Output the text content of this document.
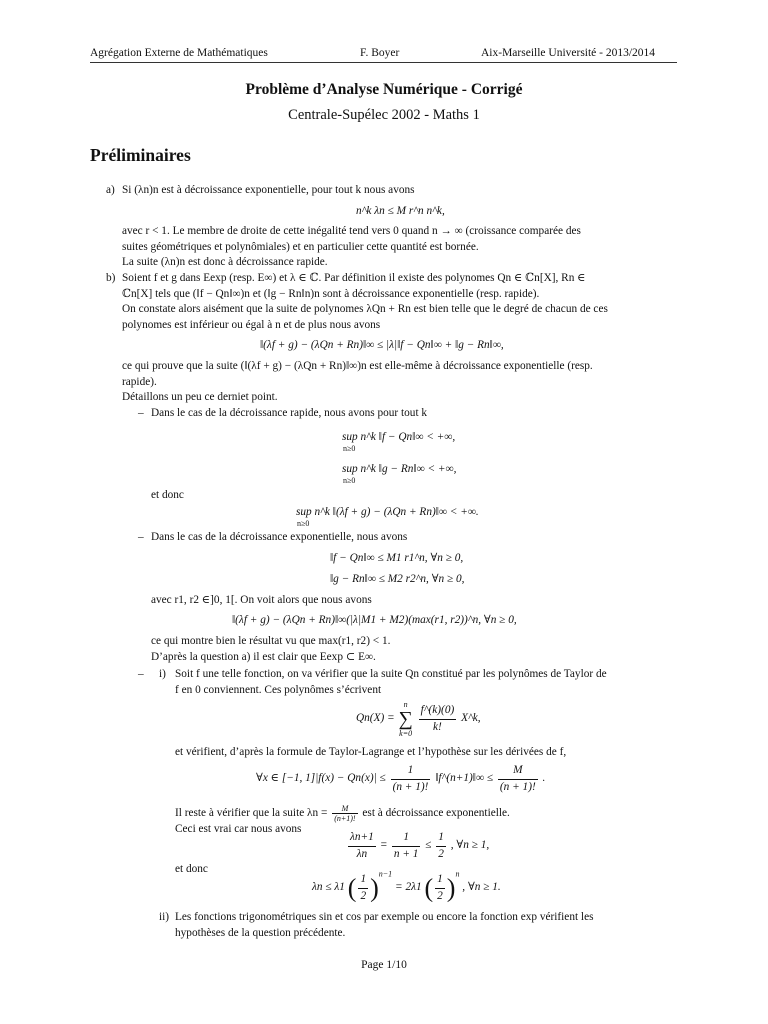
Agrégation Externe de Mathématiques	F. Boyer	Aix-Marseille Université - 2013/2014
Problème d’Analyse Numérique - Corrigé
Centrale-Supélec 2002 - Maths 1
Préliminaires
a) Si (λn)n est à décroissance exponentielle, pour tout k nous avons
n^k λn ≤ M r^n n^k,
avec r < 1. Le membre de droite de cette inégalité tend vers 0 quand n → ∞ (croissance comparée des
suites géométriques et polynômiales) et en particulier cette quantité est bornée.
La suite (λn)n est donc à décroissance rapide.
b) Soient f et g dans Eexp (resp. E∞) et λ ∈ ℂ. Par définition il existe des polynomes Qn ∈ ℂn[X], Rn ∈
ℂn[X] tels que (‖f − Qn‖∞)n et (‖g − Rn‖n)n sont à décroissance exponentielle (resp. rapide).
On constate alors aisément que la suite de polynomes λQn + Rn est bien telle que le degré de chacun de ces
polynomes est inférieur ou égal à n et de plus nous avons
‖(λf + g) − (λQn + Rn)‖∞ ≤ |λ|‖f − Qn‖∞ + ‖g − Rn‖∞,
ce qui prouve que la suite (‖(λf + g) − (λQn + Rn)‖∞)n est elle-même à décroissance exponentielle (resp.
rapide).
Détaillons un peu ce derniet point.
– Dans le cas de la décroissance rapide, nous avons pour tout k
sup n^k ‖f − Qn‖∞ < +∞,
n≥0
sup n^k ‖g − Rn‖∞ < +∞,
n≥0
et donc
sup n^k ‖(λf + g) − (λQn + Rn)‖∞ < +∞.
n≥0
– Dans le cas de la décroissance exponentielle, nous avons
‖f − Qn‖∞ ≤ M1 r1^n, ∀n ≥ 0,
‖g − Rn‖∞ ≤ M2 r2^n, ∀n ≥ 0,
avec r1, r2 ∈]0, 1[. On voit alors que nous avons
‖(λf + g) − (λQn + Rn)‖∞(|λ|M1 + M2)(max(r1, r2))^n, ∀n ≥ 0,
ce qui montre bien le résultat vu que max(r1, r2) < 1.
D’après la question a) il est clair que Eexp ⊂ E∞.
– i) Soit f une telle fonction, on va vérifier que la suite Qn constitué par les polynômes de Taylor de
f en 0 conviennent. Ces polynômes s’écrivent
Qn(X) =
n
∑
k=0
$\frac{f\^{}(k)(0)}{k!}$ X^k,
et vérifient, d’après la formule de Taylor-Lagrange et l’hypothèse sur les dérivées de f,
∀x ∈ [−1, $1]|f(x) - Qn(x)| \le \frac{1}{(n + 1)!}$ ‖f^(n+1)‖∞ ≤ $\frac{M}{(n + 1)!}$ .
Il reste à vérifier que la suite $\lambda n = \frac{M}{(n+1)!}$ est à décroissance exponentielle.
Ceci est vrai car nous avons
$\frac{\lambda n+1}{\lambda n} = \frac{1}{n + 1} \le \frac{1}{2}$ , ∀n ≥ 1,
et donc
λn ≤ λ1 ( $\frac{1}{2} )^{n-1} = 2\lambda 1$ ( $\frac{1}{2} )^n$ , ∀n ≥ 1.
ii) Les fonctions trigonométriques sin et cos par exemple ou encore la fonction exp vérifient les
hypothèses de la question précédente.
Page 1/10
